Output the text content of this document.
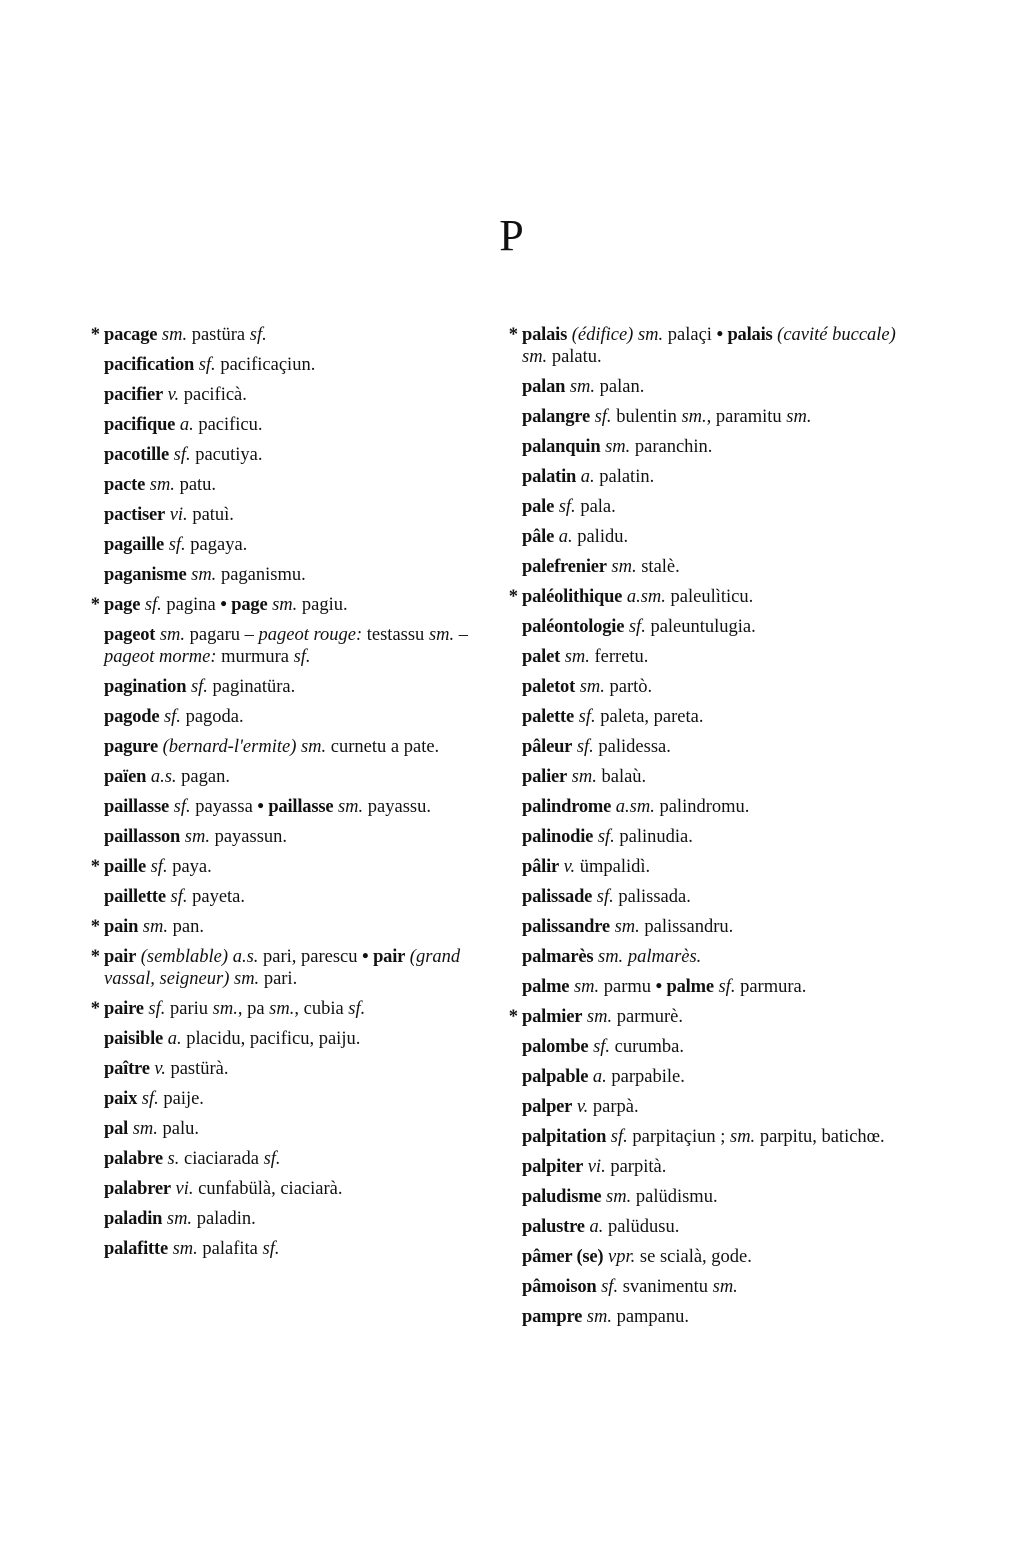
P
* pacage sm. pastüra sf.
pacification sf. pacificaçiun.
pacifier v. pacificà.
pacifique a. pacificu.
pacotille sf. pacutiya.
pacte sm. patu.
pactiser vi. patuì.
pagaille sf. pagaya.
paganisme sm. paganismu.
* page sf. pagina • page sm. pagiu.
pageot sm. pagaru – pageot rouge: testassu sm. – pageot morme: murmura sf.
pagination sf. paginatüra.
pagode sf. pagoda.
pagure (bernard-l'ermite) sm. curnetu a pate.
païen a.s. pagan.
paillasse sf. payassa • paillasse sm. payassu.
paillasson sm. payassun.
* paille sf. paya.
paillette sf. payeta.
* pain sm. pan.
* pair (semblable) a.s. pari, parescu • pair (grand vassal, seigneur) sm. pari.
* paire sf. pariu sm., pa sm., cubia sf.
paisible a. placidu, pacificu, paiju.
paître v. pastürà.
paix sf. paije.
pal sm. palu.
palabre s. ciaciarada sf.
palabrer vi. cunfabülà, ciaciarà.
paladin sm. paladin.
palafitte sm. palafita sf.
* palais (édifice) sm. palaçi • palais (cavité buccale) sm. palatu.
palan sm. palan.
palangre sf. bulentin sm., paramitu sm.
palanquin sm. paranchin.
palatin a. palatin.
pale sf. pala.
pâle a. palidu.
palefrenier sm. stalè.
* paléolithique a.sm. paleulìticu.
paléontologie sf. paleuntulugia.
palet sm. ferretu.
paletot sm. partò.
palette sf. paleta, pareta.
pâleur sf. palidessa.
palier sm. balaù.
palindrome a.sm. palindromu.
palinodie sf. palinudia.
pâlir v. ümpalidì.
palissade sf. palissada.
palissandre sm. palissandru.
palmarès sm. palmarès.
palme sm. parmu • palme sf. parmura.
* palmier sm. parmurè.
palombe sf. curumba.
palpable a. parpabile.
palper v. parpà.
palpitation sf. parpitaçiun ; sm. parpitu, batichœ.
palpiter vi. parpità.
paludisme sm. palüdismu.
palustre a. palüdusu.
pâmer (se) vpr. se scialà, gode.
pâmoison sf. svanimentu sm.
pampre sm. pampanu.
